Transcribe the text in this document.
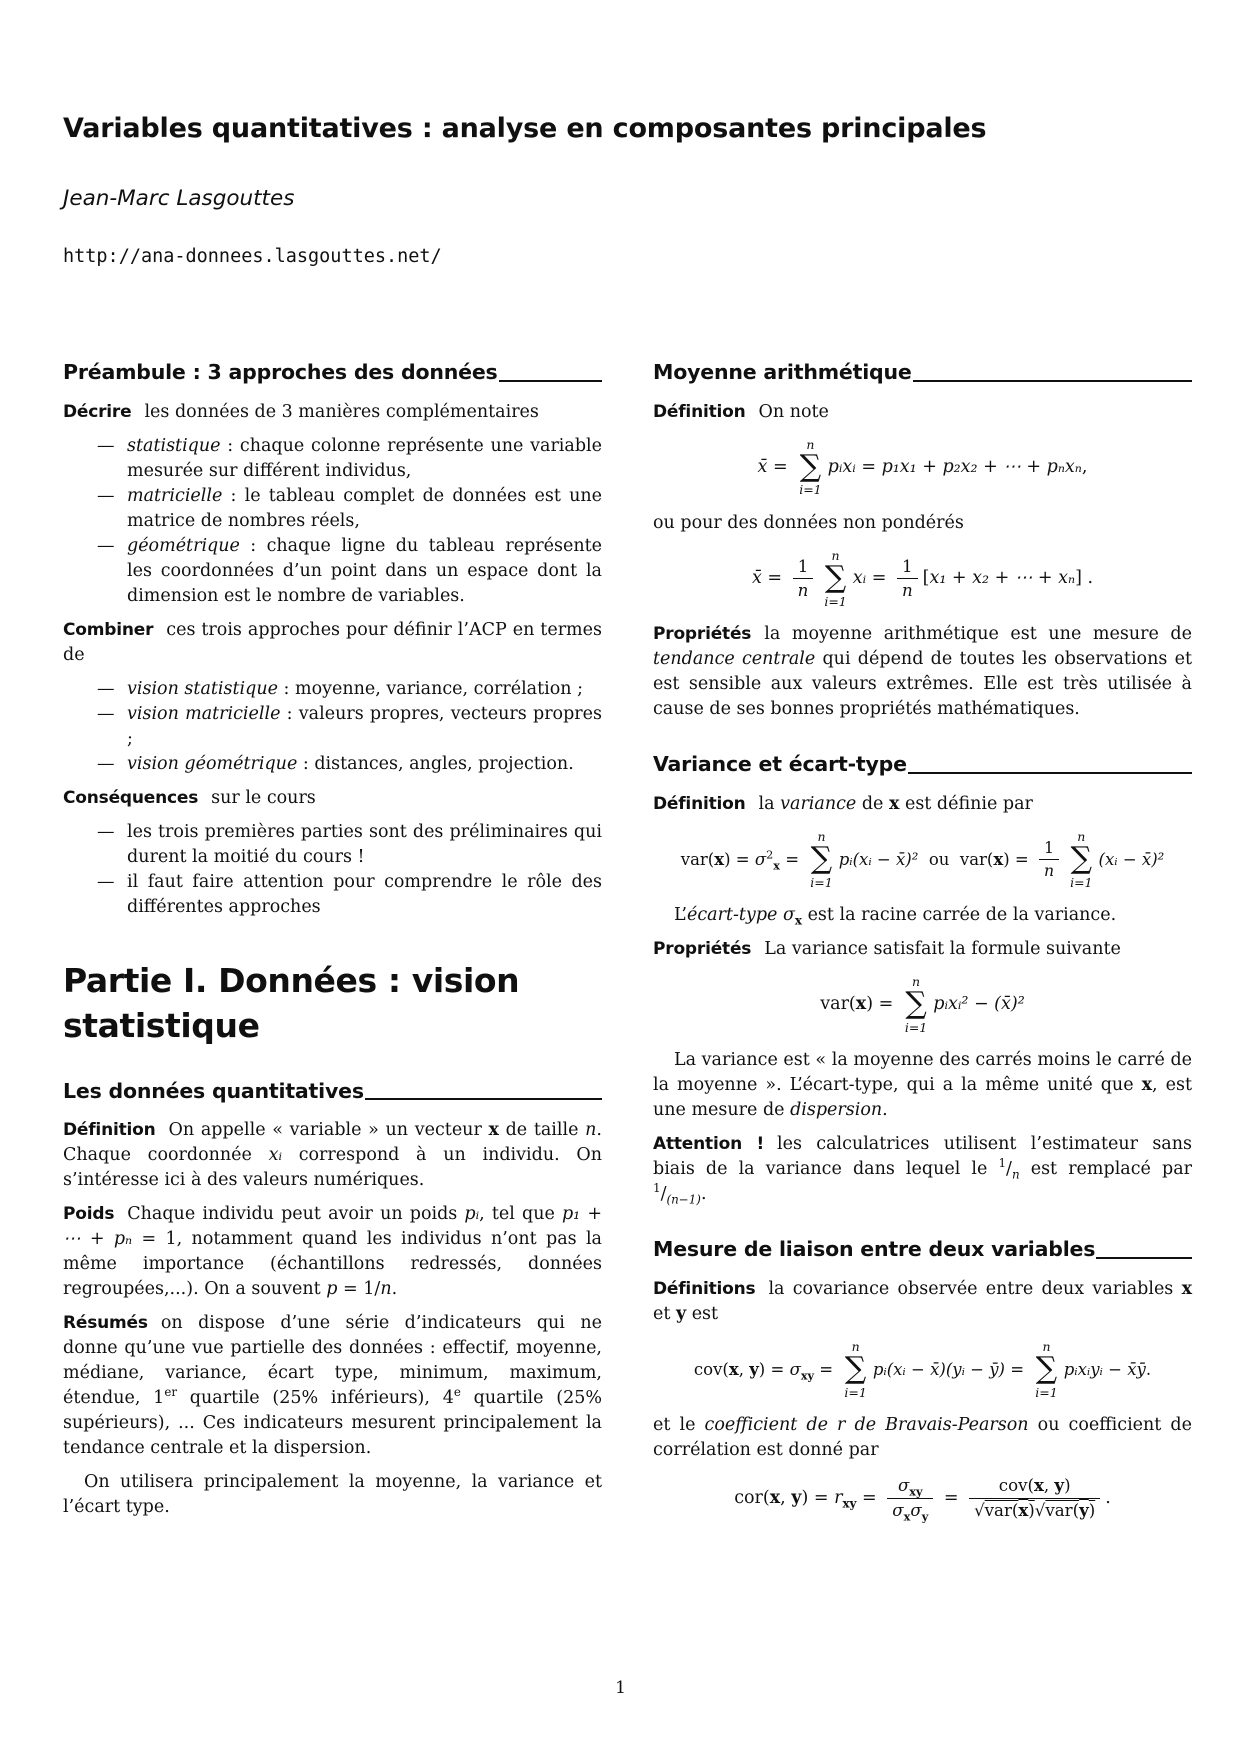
Variables quantitatives : analyse en composantes principales
Jean-Marc Lasgouttes
http://ana-donnees.lasgouttes.net/
Préambule : 3 approches des données

Décrire les données de 3 manières complémentaires

— statistique : chaque colonne représente une variable mesurée sur différent individus,
— matricielle : le tableau complet de données est une matrice de nombres réels,
— géométrique : chaque ligne du tableau représente les coordonnées d’un point dans un espace dont la dimension est le nombre de variables.

Combiner ces trois approches pour définir l’ACP en termes de

— vision statistique : moyenne, variance, corrélation ;
— vision matricielle : valeurs propres, vecteurs propres ;
— vision géométrique : distances, angles, projection.

Conséquences sur le cours

— les trois premières parties sont des préliminaires qui durent la moitié du cours !
— il faut faire attention pour comprendre le rôle des différentes approches
Partie I. Données : vision
statistique
Les données quantitatives

Définition On appelle « variable » un vecteur x de taille n. Chaque coordonnée xᵢ correspond à un individu. On s’intéresse ici à des valeurs numériques.

Poids Chaque individu peut avoir un poids pᵢ, tel que p₁ + ⋯ + pₙ = 1, notamment quand les individus n’ont pas la même importance (échantillons redressés, données regroupées,...). On a souvent p = 1/n.

Résumés on dispose d’une série d’indicateurs qui ne donne qu’une vue partielle des données : effectif, moyenne, médiane, variance, écart type, minimum, maximum, étendue, 1er quartile (25% inférieurs), 4e quartile (25% supérieurs), ... Ces indicateurs mesurent principalement la tendance centrale et la dispersion.

On utilisera principalement la moyenne, la variance et l’écart type.

Moyenne arithmétique

Définition On note

x̄ =
n
∑
i=1
pᵢxᵢ = p₁x₁ + p₂x₂ + ⋯ + pₙxₙ,

ou pour des données non pondérés

x̄ = $\frac{1}{n}$
n
∑
i=1
xᵢ = $\frac{1}{n} [x_1 + x_2$ + ⋯ + xₙ] .

Propriétés la moyenne arithmétique est une mesure de tendance centrale qui dépend de toutes les observations et est sensible aux valeurs extrêmes. Elle est très utilisée à cause de ses bonnes propriétés mathématiques.

Variance et écart-type

Définition la variance de x est définie par

$var(x) = \sigma^2_x$ =
n
∑
i=1
pᵢ(xᵢ − x̄)²  ou  $var(x) = \frac{1}{n}$
n
∑
i=1
(xᵢ − x̄)²

L’écart-type $\sigma_x$ est la racine carrée de la variance.

Propriétés La variance satisfait la formule suivante

var(x) =
n
∑
i=1
pᵢxᵢ² − (x̄)²

La variance est « la moyenne des carrés moins le carré de la moyenne ». L’écart-type, qui a la même unité que x, est une mesure de dispersion.

Attention ! les calculatrices utilisent l’estimateur sans biais de la variance dans lequel le $^1/_n$ est remplacé par $^1/_{(n-1)}$.

Mesure de liaison entre deux variables

Définitions la covariance observée entre deux variables x et y est

cov(x, $y) = \sigma_{xy}$ =
n
∑
i=1
pᵢ(xᵢ − x̄)(yᵢ − ȳ) =
n
∑
i=1
pᵢxᵢyᵢ − x̄ȳ.

et le coefficient de r de Bravais-Pearson ou coefficient de corrélation est donné par

cor(x, $y) = r_{xy} = \frac{\sigma_{xy}}{\sigma_x\sigma_y} = \frac{\text{cov(x, y)}}{√var(\overline{x})√var(\overline{y})}$ .
1
